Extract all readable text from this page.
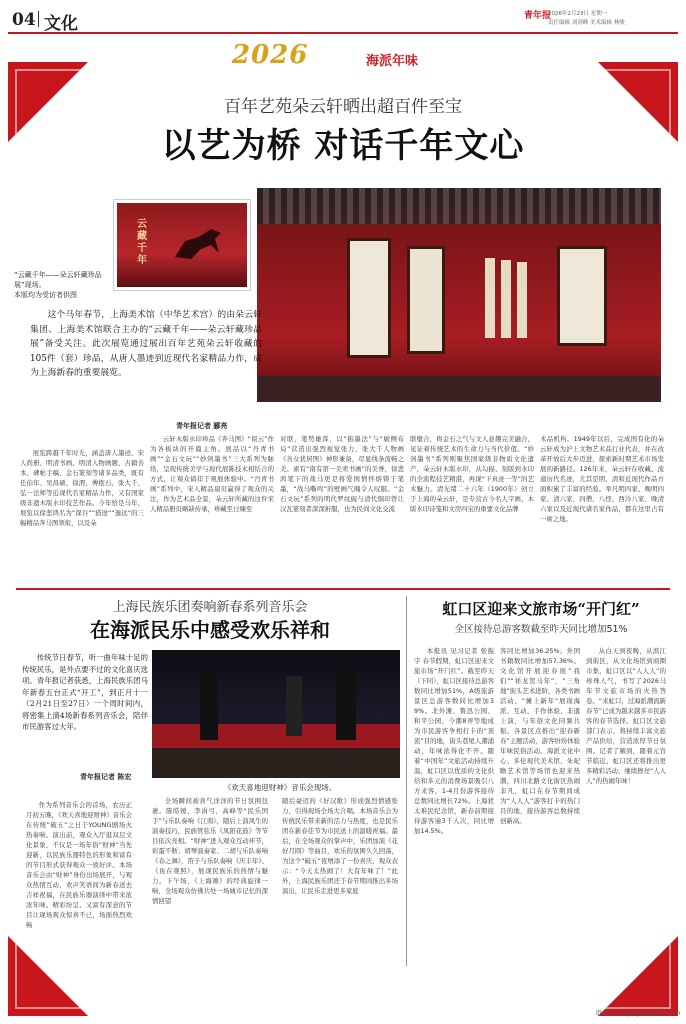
04 文化	青年报
2026年2月23日 星期一
责任编辑 刘剑峰 美术编辑 林骏
2026	海派年味
百年艺苑朵云轩晒出超百件至宝
以艺为桥 对话千年文心
云藏千年
“云藏千年——朵云轩藏珍品展”现场。
本版均为受访者供图
这个马年春节，上海美术馆（中华艺术宫）的由朵云轩集团、上海美术馆联合主办的“云藏千年——朵云轩藏珍品展”备受关注。此次展览通过展出百年艺苑朵云轩收藏的105件（套）珍品，从唐人墨迹到近现代名家精品力作，成为上海新春的重要展览。
青年报记者 郦亮
展览跨越千年时光，涵盖唐人墨迹、宋人尚册、明清书画、明清人物画题、古籍善本、碑帖手稿、金石篆刻等诸多品类，既有任伯年、吴昌硕、徐渭、傅抱石、张大千、弘一法师等近现代名家精品力作，又有国家级非遗木版水印技艺作品。今年恰是马年，展览以徐悲鸿名为“深谷”“猎途”“逸远”的三幅精品奔马图领衔，以及朵
云轩木版水印珍品《奔马图》“留云”作为各板块的开篇主角。展品以“丹青书画”“金石文玩”“妙剑墨书”三大系列为脉络，呈现传统美学与现代展陈技术相结合的方式，让观众徜徉于观展体验中。“丹青书画”系列中，宋人精品扇页赢得了观众的关注，作为艺术品全景，朵云轩所藏的这件宋人精品册页略缺传承，珍藏至日臻至
对联，笔势雄浑，以“振墨法”与“皴侧布局”营造出强烈视觉张力，张大千人物画《善女犹居图》神形兼备，尽显线条流畅之美。素有“南有第一美卖书画”的美誉，徐悲鸿笔下的战马更是将爱国情怀熔铸于笔墨，“战马嘶鸣”的壁画气魄令人叹服。“金石文玩”系列的明代罗纹砚与清代铜印曾让汉瓦篆刻者深深折服，也为民间文化交流
联璧合，将金石之气与文人意趣完美融合，见证着传统艺术的生命力与当代价值。“妙剑墨书”系列则聚焦国家级非物质文化遗产，朵云轩木版水印，从勾描、刻版到水印的全流程技艺精湛，再现“下真迹一等”的艺术魅力。清光绪二十六年（1900年）创立于上海的朵云轩，是专营古今名人字画、木版水印诗笺和文房四宝的重要文化品牌
术品机构。1949年以后，完成国有化的朵云轩成为沪上文物艺术品行业代表，并在改革开放后大步迈进，探索新时期艺术市场发展的新路径。126年来，朵云轩在收藏、流通历代名迹，尤其是明、清和近现代作品方面积累了丰富的经验。举凡明四家、晚明四家、清六家、四僧、八怪、西泠八家、晚清六家以及近现代诸名家作品，都在这里占有一席之地。
上海民族乐团奏响新春系列音乐会
在海派民乐中感受欢乐祥和
传统节日春节，听一曲年味十足的传统民乐，是外点要不过的文化喜庆选项。青年报记者获悉，上海民族乐团马年新春五台正式“开工”，到正月十一（2月21日至27日）一个周时间内，将密集上演4场新春系列音乐会，陪伴市民游客过大年。
青年报记者 陈宏
《欢天喜地迎财神》音乐会现场。
作为系列音乐会的首场，农历正月初五晚，《欢天喜地迎财神》音乐会在传统“破五”之日于YOUNG剧场火热奏响。演出前，观众入厅逛双层文化景象，不仅是一场年俗“财神”当先迎新，以民族乐器特色的形象和富有的节目形式获得观众一致好评。本场音乐会由“财神”身份出场展开，与观众热情互动，欢声笑语间为新春送去吉祥祝福，在民族乐器演绎中带来浓浓年味。精彩纷呈、又富有深意的节目让现场观众惊喜不已，场面热烈欢畅
全场瞬间被喜气洋洋的节日氛围包裹。陈皓媛、李涓弓、高峰等“民乐国手”与乐队奏响《江南》，随后上演风生的演奏技巧，民族管弦乐《凤阳花鼓》等节目依次亮相。“财神”进入观众互动环节，彩蛋不断；胡琴演奏家、二胡与乐队奏响《春之舞》，笛子与乐队奏响《庆丰年》、《鱼在观照》，展现民族乐的热情与魅力。下午场，《上海滩》的经典旋律一响，全场观众仿佛共处一场城市记忆的深情回望
随后豪迈的《好汉歌》形成强烈情感张力，引得现场全场大合唱。本场音乐会为传统民乐带来新的活力与热度，也是民乐团在新春佳节为市民送上的温暖祝福。最后，在全场观众的掌声中，乐团加演《花好月圆》等曲目，欢乐的氛围久久回荡，为这个“破五”夜增添了一份喜庆，观众表示：“今天太热闹了！大有年味了！”此外，上海民族乐团还于春节期间推出多场演出，让民乐走进更多家庭
虹口区迎来文旅市场“开门红”
全区接待总游客数截至昨天同比增加51%
本报讯 见习记者 张振宇 春节假期，虹口区迎来文旅市场“开门红”。截至昨天（下同），虹口区接待总游客数同比增加51%，A级旅游景区总游客数同比增加39%。北外滩、鲁迅公园、和平公园、今潮8弄等地成为市民游客争相打卡的“顶流”目的地，街头巷尾人潮涌动，年味浓得化不开。随着“中国年”文旅活动持续升温，虹口区以优质的文化供给和多元的消费场景吸引八方来客，1-4月份游客接待总数同比增长72%。上海犹太难民纪念馆，新春前期接待游客逾3千人次，同比增加14.5%。
客同比增加36.25%；外国书籍数同比增加57.36%。文化馆开展迎春展“我们”“祥龙贺马年”，“三角地”街头艺术进阶，各类书画活动、“摊上新年”展现海派、互动、手作体验、非遗上演，与年俗文化同频共振。各景区点推出“迎春新春”主题活动，游客纷纷体验年味民俗活动。海派文化中心、多伦现代美术馆、朱屺瞻艺术馆等场馆也迎来热潮，四川北路文化街区热闹非凡，虹口在春节期间成为“人人人”游客打卡的热门目的地，接待游客总数持续创新高。
从白天到夜晚，从滨江到街区，从文化场馆到商圈市集，虹口区以“人人人”的珍珠人气，书写了2026马年节文旅市场的火热答卷。“来虹口，过海派潮流新春节”已成为越来越多市民游客的春节选择。虹口区文旅部门表示，将持续丰富文旅产品供给，营造浓厚节日氛围。记者了解到，随着元宵节临近，虹口区还将推出更多精彩活动，继续擦亮“人人人”的热闹年味！
联系我们 qnbyw@163.com
